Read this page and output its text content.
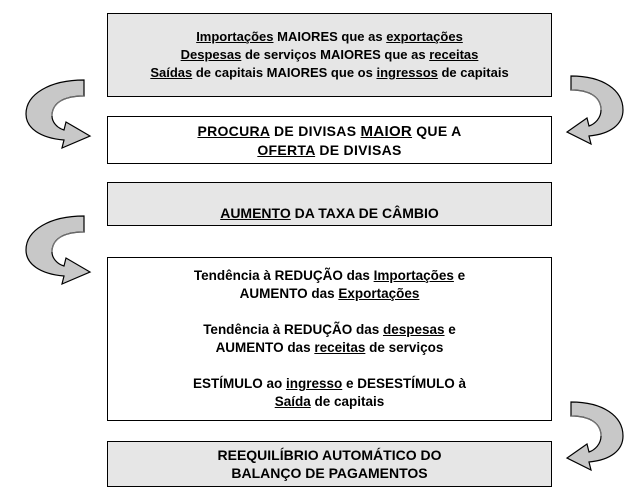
Importações MAIORES que as exportações
Despesas de serviços MAIORES que as receitas
Saídas de capitais MAIORES que os ingressos de capitais
PROCURA DE DIVISAS MAIOR QUE A
OFERTA DE DIVISAS
AUMENTO DA TAXA DE CÂMBIO
Tendência à REDUÇÃO das Importações e
AUMENTO das Exportações
Tendência à REDUÇÃO das despesas e
AUMENTO das receitas de serviços
ESTÍMULO ao ingresso e DESESTÍMULO à
Saída de capitais
REEQUILÍBRIO AUTOMÁTICO DO
BALANÇO DE PAGAMENTOS
